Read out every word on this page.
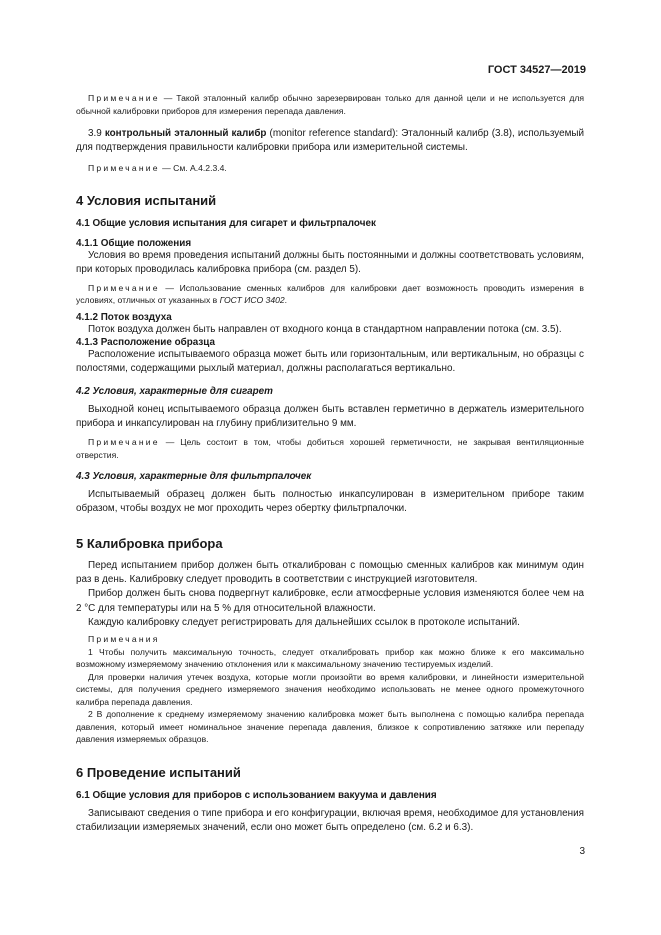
ГОСТ 34527—2019

Примечание — Такой эталонный калибр обычно зарезервирован только для данной цели и не используется для обычной калибровки приборов для измерения перепада давления.

3.9 контрольный эталонный калибр (monitor reference standard): Эталонный калибр (3.8), используемый для подтверждения правильности калибровки прибора или измерительной системы.

Примечание — См. А.4.2.3.4.

4 Условия испытаний

4.1 Общие условия испытания для сигарет и фильтрпалочек

4.1.1 Общие положения

Условия во время проведения испытаний должны быть постоянными и должны соответствовать условиям, при которых проводилась калибровка прибора (см. раздел 5).

Примечание — Использование сменных калибров для калибровки дает возможность проводить измерения в условиях, отличных от указанных в ГОСТ ИСО 3402.

4.1.2 Поток воздуха

Поток воздуха должен быть направлен от входного конца в стандартном направлении потока (см. 3.5).

4.1.3 Расположение образца

Расположение испытываемого образца может быть или горизонтальным, или вертикальным, но образцы с полостями, содержащими рыхлый материал, должны располагаться вертикально.

4.2 Условия, характерные для сигарет

Выходной конец испытываемого образца должен быть вставлен герметично в держатель измерительного прибора и инкапсулирован на глубину приблизительно 9 мм.

Примечание — Цель состоит в том, чтобы добиться хорошей герметичности, не закрывая вентиляционные отверстия.

4.3 Условия, характерные для фильтрпалочек

Испытываемый образец должен быть полностью инкапсулирован в измерительном приборе таким образом, чтобы воздух не мог проходить через обертку фильтрпалочки.

5 Калибровка прибора

Перед испытанием прибор должен быть откалиброван с помощью сменных калибров как минимум один раз в день. Калибровку следует проводить в соответствии с инструкцией изготовителя.

Прибор должен быть снова подвергнут калибровке, если атмосферные условия изменяются более чем на 2 °С для температуры или на 5 % для относительной влажности.

Каждую калибровку следует регистрировать для дальнейших ссылок в протоколе испытаний.

Примечания

1 Чтобы получить максимальную точность, следует откалибровать прибор как можно ближе к его максимально возможному измеряемому значению отклонения или к максимальному значению тестируемых изделий.

Для проверки наличия утечек воздуха, которые могли произойти во время калибровки, и линейности измерительной системы, для получения среднего измеряемого значения необходимо использовать не менее одного промежуточного калибра перепада давления.

2 В дополнение к среднему измеряемому значению калибровка может быть выполнена с помощью калибра перепада давления, который имеет номинальное значение перепада давления, близкое к сопротивлению затяжке или перепаду давления измеряемых образцов.

6 Проведение испытаний

6.1 Общие условия для приборов с использованием вакуума и давления

Записывают сведения о типе прибора и его конфигурации, включая время, необходимое для установления стабилизации измеряемых значений, если оно может быть определено (см. 6.2 и 6.3).

3
